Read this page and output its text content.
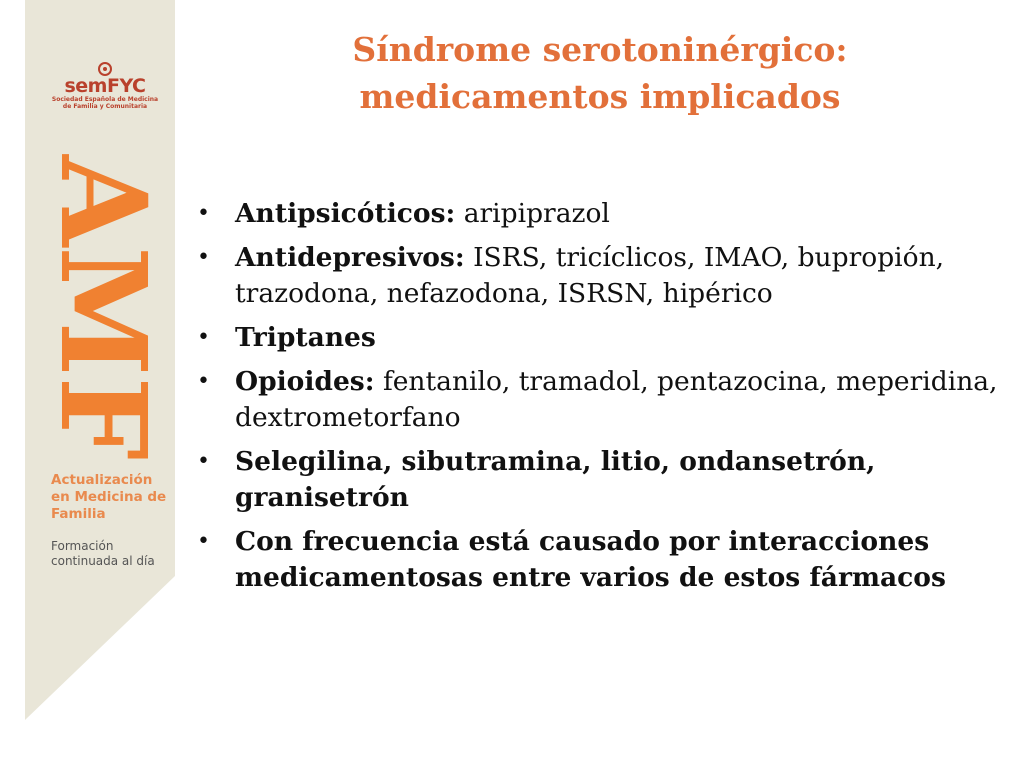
semFYC
Sociedad Española de Medicina
de Familia y Comunitaria
AMF
Actualización en Medicina de Familia
Formación continuada al día
Síndrome serotoninérgico:
medicamentos implicados
• Antipsicóticos: aripiprazol
• Antidepresivos: ISRS, tricíclicos, IMAO, bupropión, trazodona, nefazodona, ISRSN, hipérico
• Triptanes
• Opioides: fentanilo, tramadol, pentazocina, meperidina, dextrometorfano
• Selegilina, sibutramina, litio, ondansetrón, granisetrón
• Con frecuencia está causado por interacciones medicamentosas entre varios de estos fármacos
